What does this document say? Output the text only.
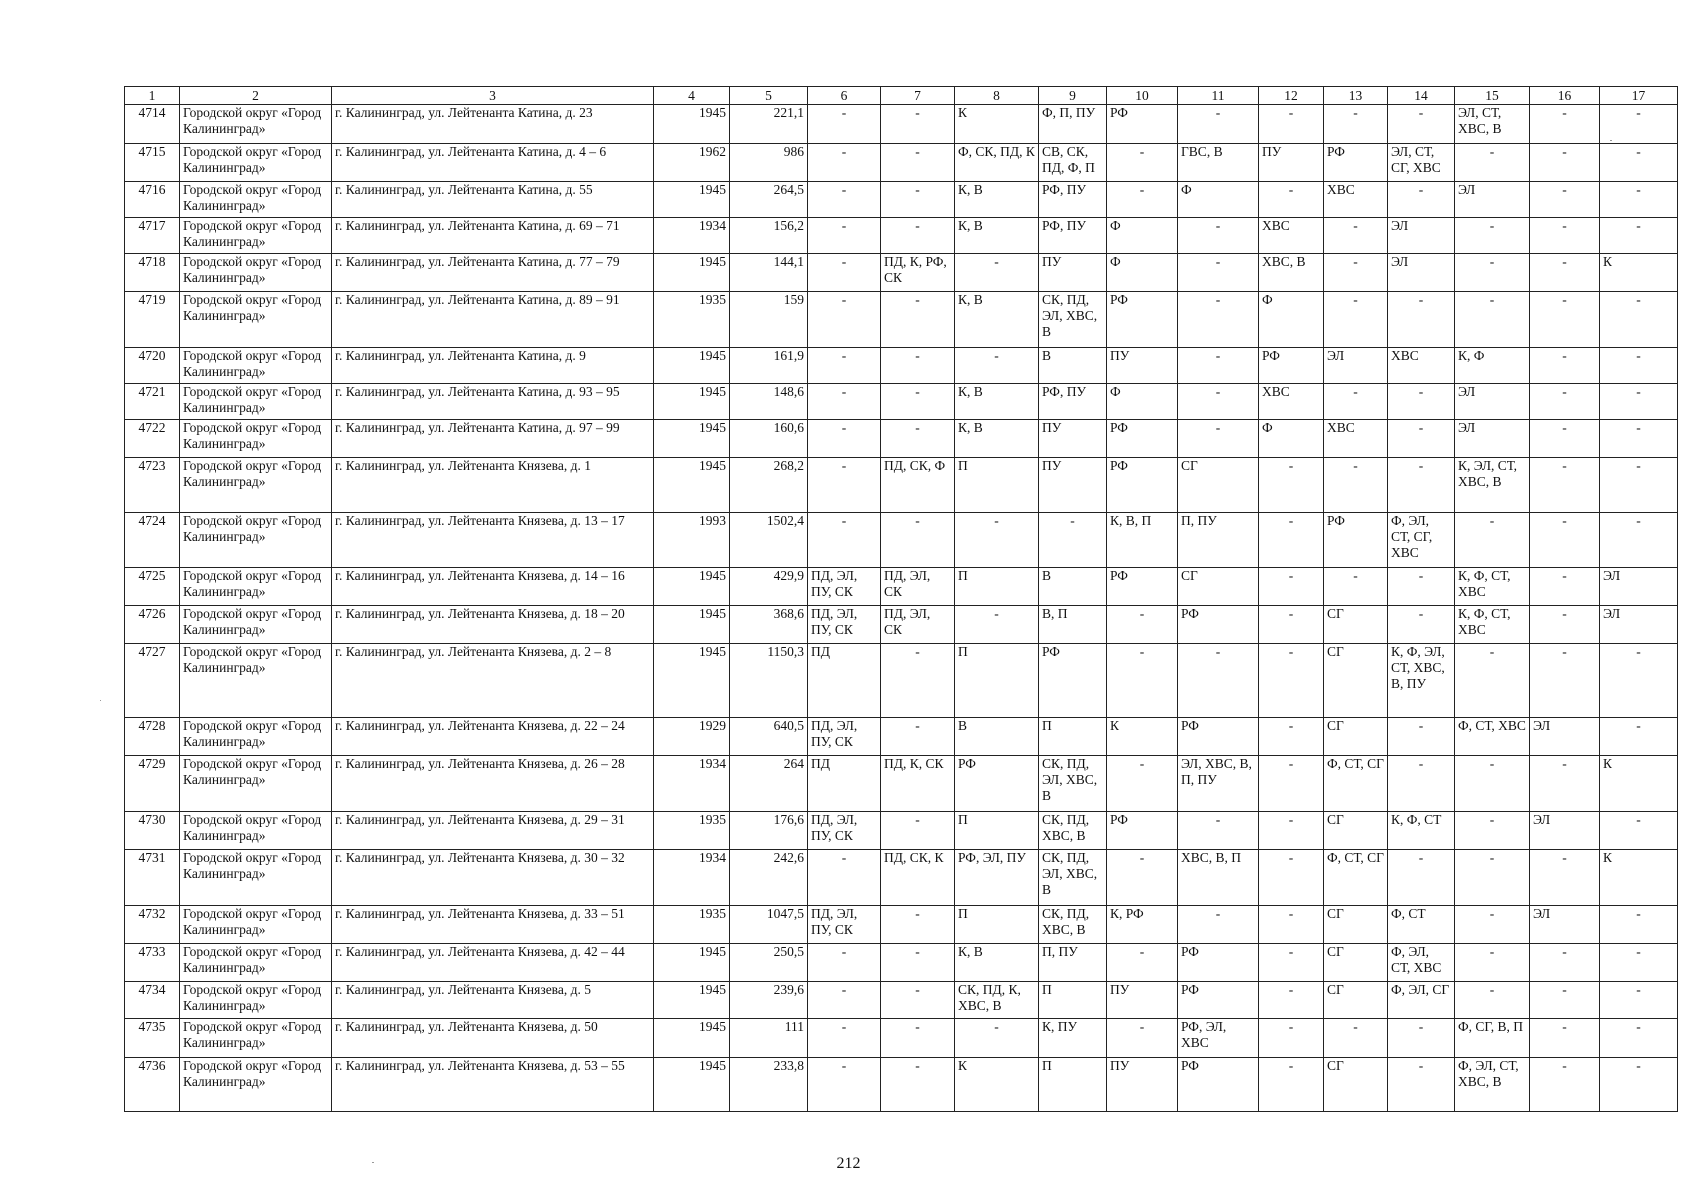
1	2	3	4	5	6	7	8	9	10	11	12	13	14	15	16	17
4714	Городской округ «Город Калининград»	г. Калининград, ул. Лейтенанта Катина, д. 23	1945	221,1	-	-	К	Ф, П, ПУ	РФ	-	-	-	-	ЭЛ, СТ, ХВС, В	-	-
4715	Городской округ «Город Калининград»	г. Калининград, ул. Лейтенанта Катина, д. 4 – 6	1962	986	-	-	Ф, СК, ПД, К	СВ, СК, ПД, Ф, П	-	ГВС, В	ПУ	РФ	ЭЛ, СТ, СГ, ХВС	-	-	-
4716	Городской округ «Город Калининград»	г. Калининград, ул. Лейтенанта Катина, д. 55	1945	264,5	-	-	К, В	РФ, ПУ	-	Ф	-	ХВС	-	ЭЛ	-	-
4717	Городской округ «Город Калининград»	г. Калининград, ул. Лейтенанта Катина, д. 69 – 71	1934	156,2	-	-	К, В	РФ, ПУ	Ф	-	ХВС	-	ЭЛ	-	-	-
4718	Городской округ «Город Калининград»	г. Калининград, ул. Лейтенанта Катина, д. 77 – 79	1945	144,1	-	ПД, К, РФ, СК	-	ПУ	Ф	-	ХВС, В	-	ЭЛ	-	-	К
4719	Городской округ «Город Калининград»	г. Калининград, ул. Лейтенанта Катина, д. 89 – 91	1935	159	-	-	К, В	СК, ПД, ЭЛ, ХВС, В	РФ	-	Ф	-	-	-	-	-
4720	Городской округ «Город Калининград»	г. Калининград, ул. Лейтенанта Катина, д. 9	1945	161,9	-	-	-	В	ПУ	-	РФ	ЭЛ	ХВС	К, Ф	-	-
4721	Городской округ «Город Калининград»	г. Калининград, ул. Лейтенанта Катина, д. 93 – 95	1945	148,6	-	-	К, В	РФ, ПУ	Ф	-	ХВС	-	-	ЭЛ	-	-
4722	Городской округ «Город Калининград»	г. Калининград, ул. Лейтенанта Катина, д. 97 – 99	1945	160,6	-	-	К, В	ПУ	РФ	-	Ф	ХВС	-	ЭЛ	-	-
4723	Городской округ «Город Калининград»	г. Калининград, ул. Лейтенанта Князева, д. 1	1945	268,2	-	ПД, СК, Ф	П	ПУ	РФ	СГ	-	-	-	К, ЭЛ, СТ, ХВС, В	-	-
4724	Городской округ «Город Калининград»	г. Калининград, ул. Лейтенанта Князева, д. 13 – 17	1993	1502,4	-	-	-	-	К, В, П	П, ПУ	-	РФ	Ф, ЭЛ, СТ, СГ, ХВС	-	-	-
4725	Городской округ «Город Калининград»	г. Калининград, ул. Лейтенанта Князева, д. 14 – 16	1945	429,9	ПД, ЭЛ, ПУ, СК	ПД, ЭЛ, СК	П	В	РФ	СГ	-	-	-	К, Ф, СТ, ХВС	-	ЭЛ
4726	Городской округ «Город Калининград»	г. Калининград, ул. Лейтенанта Князева, д. 18 – 20	1945	368,6	ПД, ЭЛ, ПУ, СК	ПД, ЭЛ, СК	-	В, П	-	РФ	-	СГ	-	К, Ф, СТ, ХВС	-	ЭЛ
4727	Городской округ «Город Калининград»	г. Калининград, ул. Лейтенанта Князева, д. 2 – 8	1945	1150,3	ПД	-	П	РФ	-	-	-	СГ	К, Ф, ЭЛ, СТ, ХВС, В, ПУ	-	-	-
4728	Городской округ «Город Калининград»	г. Калининград, ул. Лейтенанта Князева, д. 22 – 24	1929	640,5	ПД, ЭЛ, ПУ, СК	-	В	П	К	РФ	-	СГ	-	Ф, СТ, ХВС	ЭЛ	-
4729	Городской округ «Город Калининград»	г. Калининград, ул. Лейтенанта Князева, д. 26 – 28	1934	264	ПД	ПД, К, СК	РФ	СК, ПД, ЭЛ, ХВС, В	-	ЭЛ, ХВС, В, П, ПУ	-	Ф, СТ, СГ	-	-	-	К
4730	Городской округ «Город Калининград»	г. Калининград, ул. Лейтенанта Князева, д. 29 – 31	1935	176,6	ПД, ЭЛ, ПУ, СК	-	П	СК, ПД, ХВС, В	РФ	-	-	СГ	К, Ф, СТ	-	ЭЛ	-
4731	Городской округ «Город Калининград»	г. Калининград, ул. Лейтенанта Князева, д. 30 – 32	1934	242,6	-	ПД, СК, К	РФ, ЭЛ, ПУ	СК, ПД, ЭЛ, ХВС, В	-	ХВС, В, П	-	Ф, СТ, СГ	-	-	-	К
4732	Городской округ «Город Калининград»	г. Калининград, ул. Лейтенанта Князева, д. 33 – 51	1935	1047,5	ПД, ЭЛ, ПУ, СК	-	П	СК, ПД, ХВС, В	К, РФ	-	-	СГ	Ф, СТ	-	ЭЛ	-
4733	Городской округ «Город Калининград»	г. Калининград, ул. Лейтенанта Князева, д. 42 – 44	1945	250,5	-	-	К, В	П, ПУ	-	РФ	-	СГ	Ф, ЭЛ, СТ, ХВС	-	-	-
4734	Городской округ «Город Калининград»	г. Калининград, ул. Лейтенанта Князева, д. 5	1945	239,6	-	-	СК, ПД, К, ХВС, В	П	ПУ	РФ	-	СГ	Ф, ЭЛ, СГ	-	-	-
4735	Городской округ «Город Калининград»	г. Калининград, ул. Лейтенанта Князева, д. 50	1945	111	-	-	-	К, ПУ	-	РФ, ЭЛ, ХВС	-	-	-	Ф, СГ, В, П	-	-
4736	Городской округ «Город Калининград»	г. Калининград, ул. Лейтенанта Князева, д. 53 – 55	1945	233,8	-	-	К	П	ПУ	РФ	-	СГ	-	Ф, ЭЛ, СТ, ХВС, В	-	-
212
